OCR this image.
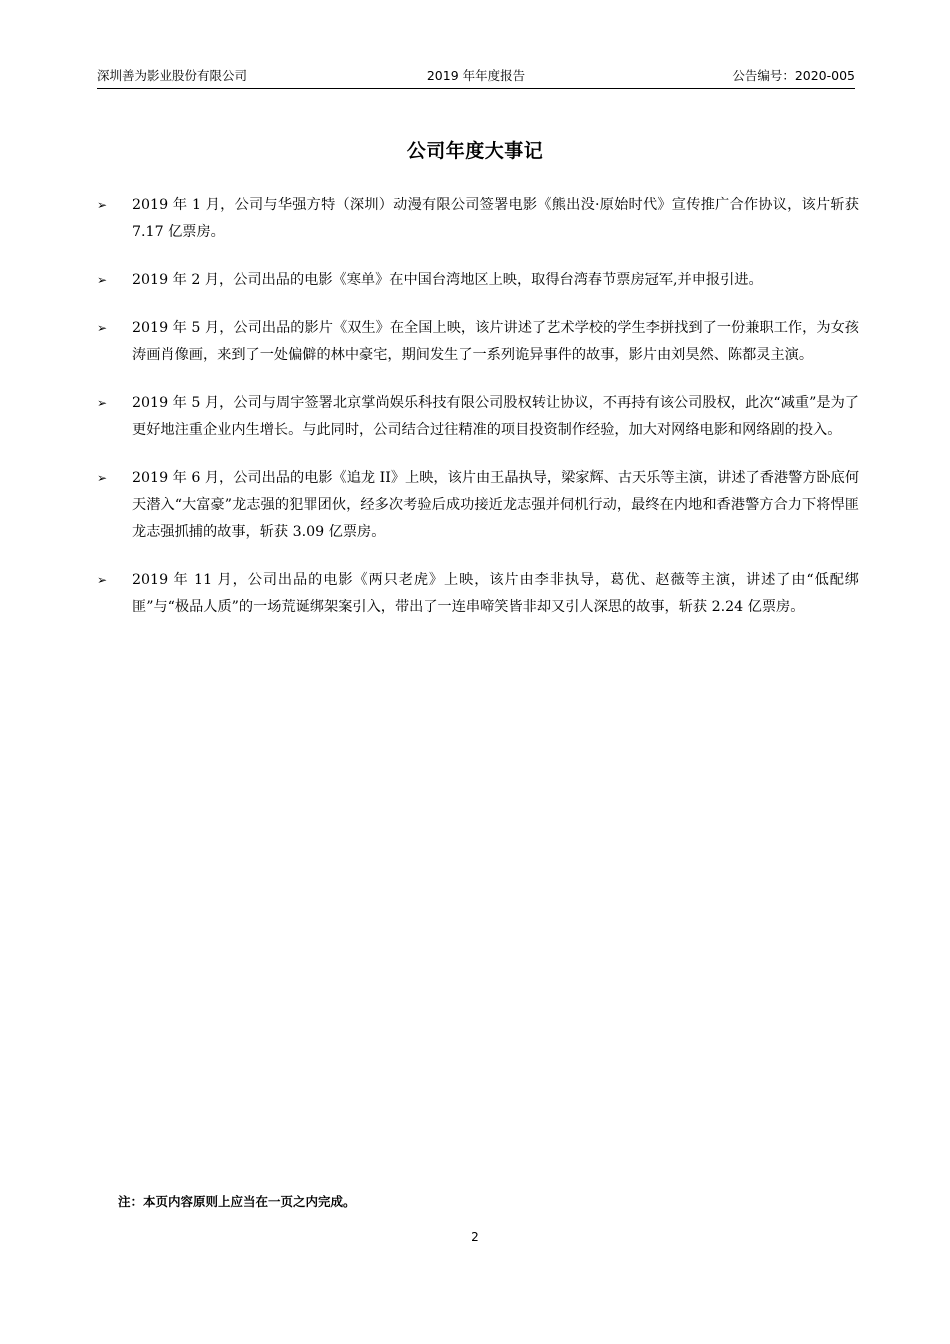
深圳善为影业股份有限公司	2019 年年度报告	公告编号：2020-005
公司年度大事记
➢ 2019 年 1 月，公司与华强方特（深圳）动漫有限公司签署电影《熊出没·原始时代》宣传推广合作协议，该片斩获 7.17 亿票房。
➢ 2019 年 2 月，公司出品的电影《寒单》在中国台湾地区上映，取得台湾春节票房冠军,并申报引进。
➢ 2019 年 5 月，公司出品的影片《双生》在全国上映，该片讲述了艺术学校的学生李拼找到了一份兼职工作，为女孩涛画肖像画，来到了一处偏僻的林中豪宅，期间发生了一系列诡异事件的故事，影片由刘昊然、陈都灵主演。
➢ 2019 年 5 月，公司与周宇签署北京掌尚娱乐科技有限公司股权转让协议，不再持有该公司股权，此次“减重”是为了更好地注重企业内生增长。与此同时，公司结合过往精准的项目投资制作经验，加大对网络电影和网络剧的投入。
➢ 2019 年 6 月，公司出品的电影《追龙 II》上映，该片由王晶执导，梁家辉、古天乐等主演，讲述了香港警方卧底何天潜入“大富豪”龙志强的犯罪团伙，经多次考验后成功接近龙志强并伺机行动，最终在内地和香港警方合力下将悍匪龙志强抓捕的故事，斩获 3.09 亿票房。
➢ 2019 年 11 月，公司出品的电影《两只老虎》上映，该片由李非执导，葛优、赵薇等主演，讲述了由“低配绑匪”与“极品人质”的一场荒诞绑架案引入，带出了一连串啼笑皆非却又引人深思的故事，斩获 2.24 亿票房。
注：本页内容原则上应当在一页之内完成。
2
